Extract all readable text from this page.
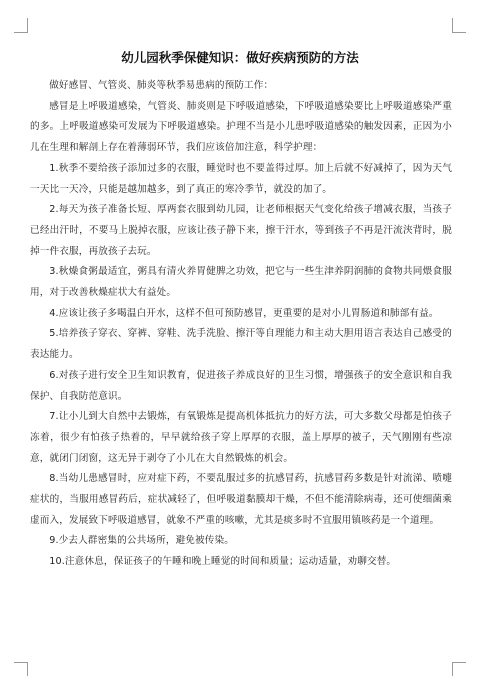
幼儿园秋季保健知识：做好疾病预防的方法

做好感冒、气管炎、肺炎等秋季易患病的预防工作：

感冒是上呼吸道感染，气管炎、肺炎则是下呼吸道感染，下呼吸道感染要比上呼吸道感染严重的多。上呼吸道感染可发展为下呼吸道感染。护理不当是小儿患呼吸道感染的触发因素，正因为小儿在生理和解剖上存在着薄弱环节，我们应该倍加注意，科学护理：

1.秋季不要给孩子添加过多的衣服，睡觉时也不要盖得过厚。加上后就不好减掉了，因为天气一天比一天冷，只能是越加越多，到了真正的寒冷季节，就没的加了。

2.每天为孩子准备长短、厚两套衣服到幼儿园，让老师根据天气变化给孩子增减衣服，当孩子已经出汗时，不要马上脱掉衣服，应该让孩子静下来，擦干汗水，等到孩子不再是汗流浃背时，脱掉一件衣服，再放孩子去玩。

3.秋燥食粥最适宜，粥具有清火养胃健脾之功效，把它与一些生津养阴润肺的食物共同煨食服用，对于改善秋燥症状大有益处。

4.应该让孩子多喝温白开水，这样不但可预防感冒，更重要的是对小儿胃肠道和肺部有益。

5.培养孩子穿衣、穿裤、穿鞋、洗手洗脸、擦汗等自理能力和主动大胆用语言表达自己感受的表达能力。

6.对孩子进行安全卫生知识教育，促进孩子养成良好的卫生习惯，增强孩子的安全意识和自我保护、自我防范意识。

7.让小儿到大自然中去锻炼，有氧锻炼是提高机体抵抗力的好方法，可大多数父母都是怕孩子冻着，很少有怕孩子热着的，早早就给孩子穿上厚厚的衣服，盖上厚厚的被子，天气刚刚有些凉意，就闭门闭窗，这无异于剥夺了小儿在大自然锻炼的机会。

8.当幼儿患感冒时，应对症下药，不要乱服过多的抗感冒药，抗感冒药多数是针对流涕、喷嚏症状的，当服用感冒药后，症状减轻了，但呼吸道黏膜却干燥，不但不能清除病毒，还可使细菌乘虚而入，发展致下呼吸道感冒，就象不严重的咳嗽，尤其是痰多时不宜服用镇咳药是一个道理。

9.少去人群密集的公共场所，避免被传染。

10.注意休息，保证孩子的午睡和晚上睡觉的时间和质量；运动适量，劝聊交替。
